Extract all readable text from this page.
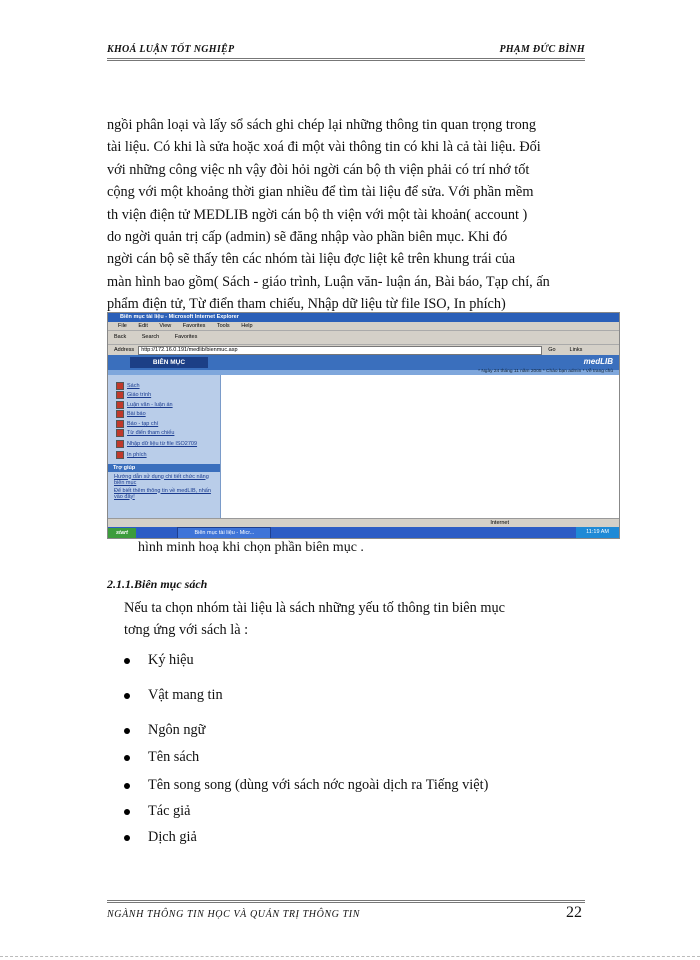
KHOÁ LUẬN TỐT NGHIỆP	PHẠM ĐỨC BÌNH

ngồi phân loại và lấy sổ sách ghi chép lại những thông tin quan trọng trong

tài liệu. Có khi là sửa hoặc xoá đi một vài thông tin có khi là cả tài liệu. Đối

với những công việc nh vậy đòi hỏi ngời cán bộ th viện phải có trí nhớ tốt

cộng với một khoảng thời gian nhiều để tìm tài liệu để sửa. Với phần mềm

th viện điện tử MEDLIB ngời cán bộ th viện với một tài khoản( account )

do ngời quản trị cấp (admin) sẽ đăng nhập vào phần biên mục. Khi đó

ngời cán bộ sẽ thấy tên các nhóm tài liệu đợc liệt kê trên khung trái của

màn hình bao gồm( Sách - giáo trình, Luận văn- luận án, Bài báo, Tạp chí, ấn

phẩm điện tử, Từ điển tham chiếu, Nhập dữ liệu từ file ISO, In phích)

Biên mục tài liệu - Microsoft Internet Explorer
File Edit View Favorites Tools Help
Back	Search	Favorites
Address	http://172.16.0.191/medlib/bienmuc.asp	Go	Links
BIÊN MỤC	medLIB
* Ngày 24 tháng 11 năm 2005 * Chào bạn admin * Về trang chủ
Sách
Giáo trình
Luận văn - luận án
Bài báo
Báo - tạp chí
Từ điển tham chiếu
Nhập dữ liệu từ file ISO2709
In phích
Trợ giúp
Hướng dẫn sử dụng chi tiết chức năng biên mục
Để biết thêm thông tin về medLIB, nhấn vào đây!
Internet
start	Biên mục tài liệu - Micr...	11:19 AM
hình minh hoạ khi chọn phần biên mục .
2.1.1.Biên mục sách

Nếu ta chọn nhóm tài liệu là sách những yếu tố thông tin biên mục

tơng ứng với sách là :

Ký hiệu
Vật mang tin
Ngôn ngữ
Tên sách
Tên song song (dùng với sách nớc ngoài dịch ra Tiếng việt)
Tác giả
Dịch giả
NGÀNH THÔNG TIN HỌC VÀ QUẢN TRỊ THÔNG TIN	22
